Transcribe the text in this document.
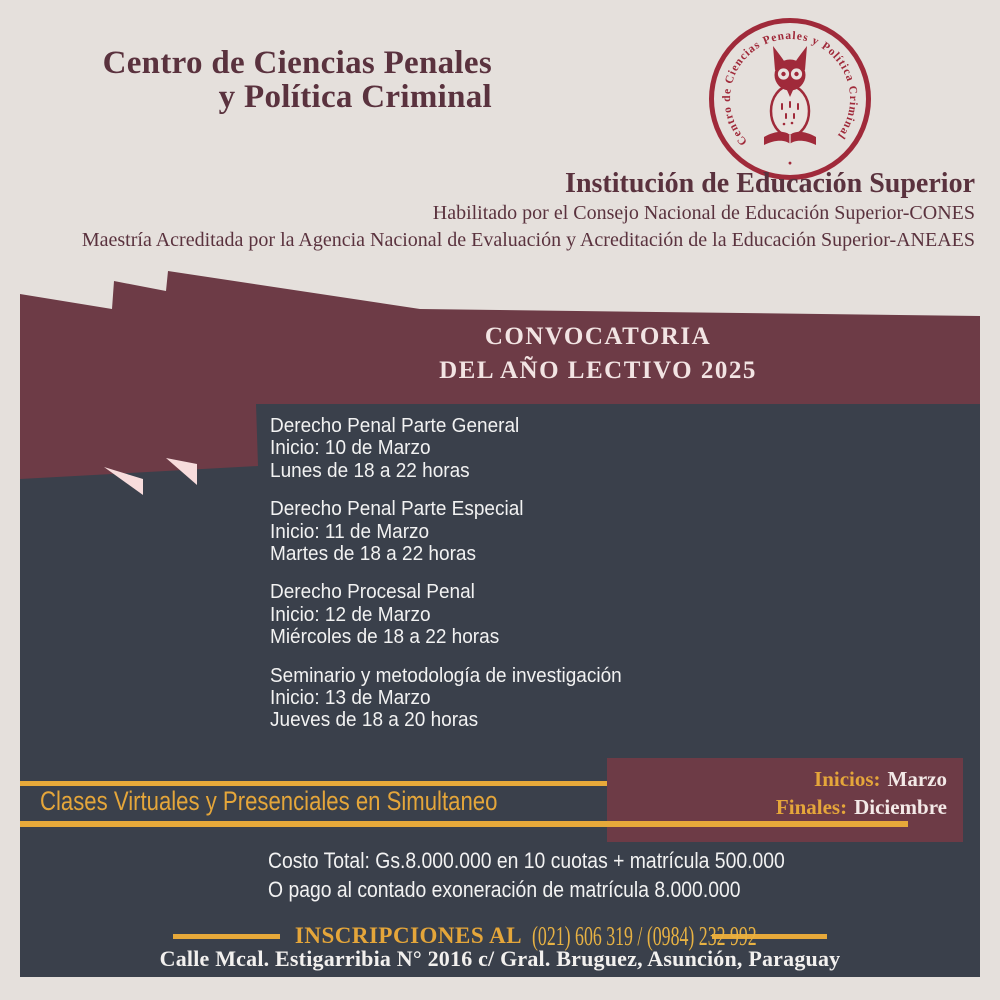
Centro de Ciencias Penales
y Política Criminal
Centro de Ciencias Penales y Política Criminal
·
Institución de Educación Superior
Habilitado por el Consejo Nacional de Educación Superior-CONES
Maestría Acreditada por la Agencia Nacional de Evaluación y Acreditación de la Educación Superior-ANEAES
CONVOCATORIA
DEL AÑO LECTIVO 2025
Derecho Penal Parte General
Inicio: 10 de Marzo
Lunes de 18 a 22 horas
Derecho Penal Parte Especial
Inicio: 11 de Marzo
Martes de 18 a 22 horas
Derecho Procesal Penal
Inicio: 12 de Marzo
Miércoles de 18 a 22 horas
Seminario y metodología de investigación
Inicio: 13 de Marzo
Jueves de 18 a 20 horas
Clases Virtuales y Presenciales en Simultaneo
Inicios: Marzo
Finales: Diciembre
Costo Total: Gs.8.000.000 en 10 cuotas + matrícula 500.000
O pago al contado exoneración de matrícula 8.000.000
INSCRIPCIONES AL (021) 606 319 / (0984) 232 992
Calle Mcal. Estigarribia N° 2016 c/ Gral. Bruguez, Asunción, Paraguay
